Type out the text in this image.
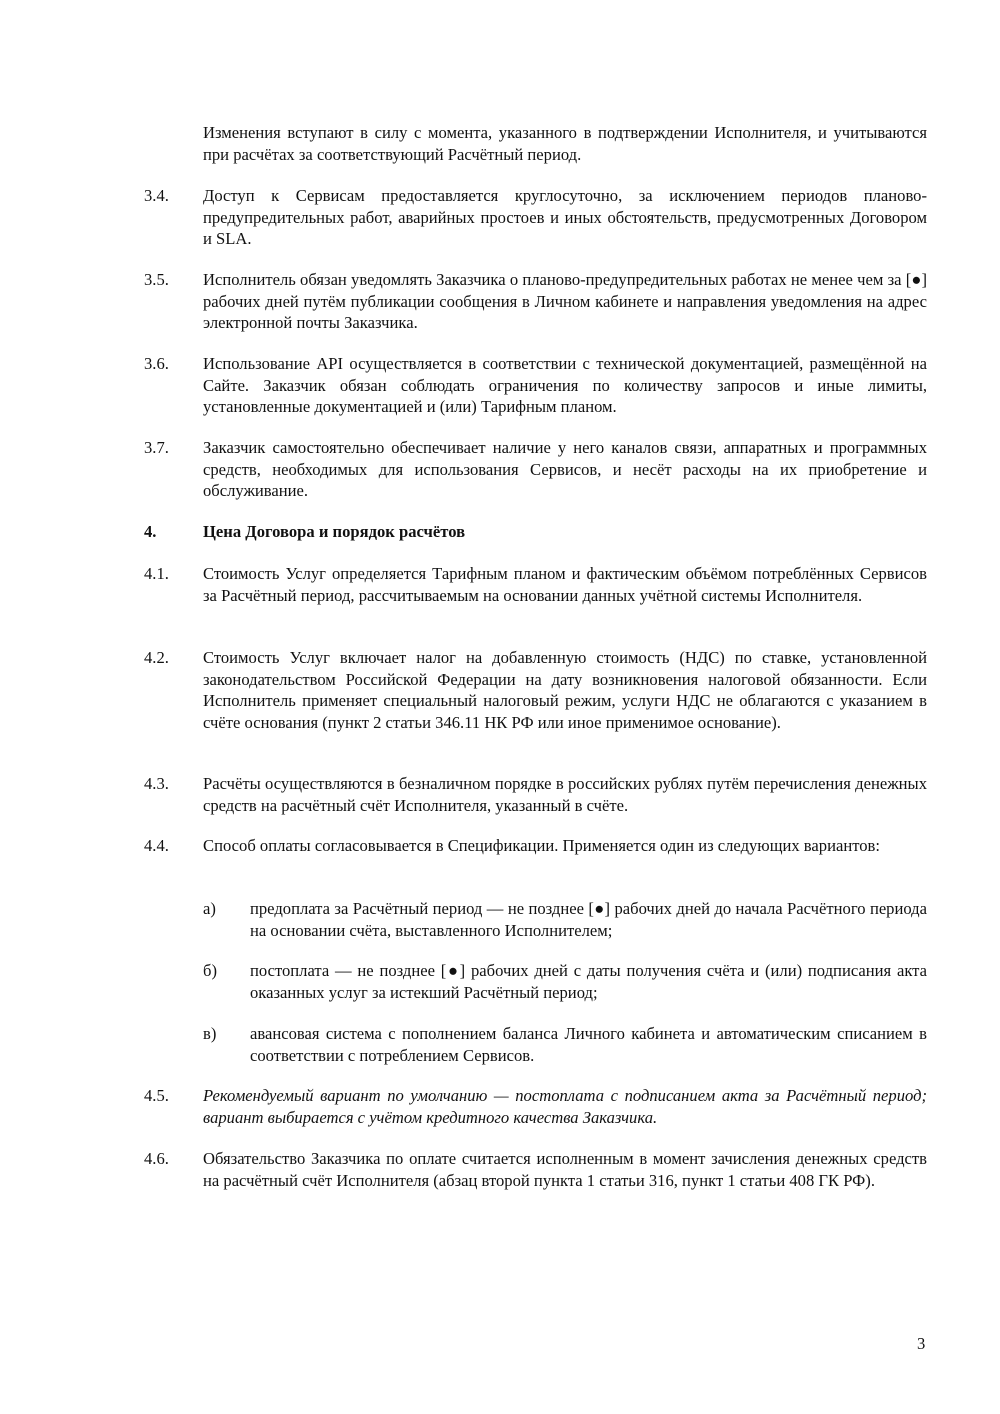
Изменения вступают в силу с момента, указанного в подтверждении Исполнителя, и учитываются при расчётах за соответствующий Расчётный период.

3.4. Доступ к Сервисам предоставляется круглосуточно, за исключением периодов планово-предупредительных работ, аварийных простоев и иных обстоятельств, предусмотренных Договором и SLA.

3.5. Исполнитель обязан уведомлять Заказчика о планово-предупредительных работах не менее чем за [●] рабочих дней путём публикации сообщения в Личном кабинете и направления уведомления на адрес электронной почты Заказчика.

3.6. Использование API осуществляется в соответствии с технической документацией, размещённой на Сайте. Заказчик обязан соблюдать ограничения по количеству запросов и иные лимиты, установленные документацией и (или) Тарифным планом.

3.7. Заказчик самостоятельно обеспечивает наличие у него каналов связи, аппаратных и программных средств, необходимых для использования Сервисов, и несёт расходы на их приобретение и обслуживание.

4.	Цена Договора и порядок расчётов

4.1. Стоимость Услуг определяется Тарифным планом и фактическим объёмом потреблённых Сервисов за Расчётный период, рассчитываемым на основании данных учётной системы Исполнителя.

4.2. Стоимость Услуг включает налог на добавленную стоимость (НДС) по ставке, установленной законодательством Российской Федерации на дату возникновения налоговой обязанности. Если Исполнитель применяет специальный налоговый режим, услуги НДС не облагаются с указанием в счёте основания (пункт 2 статьи 346.11 НК РФ или иное применимое основание).

4.3. Расчёты осуществляются в безналичном порядке в российских рублях путём перечисления денежных средств на расчётный счёт Исполнителя, указанный в счёте.

4.4. Способ оплаты согласовывается в Спецификации. Применяется один из следующих вариантов:

а) предоплата за Расчётный период — не позднее [●] рабочих дней до начала Расчётного периода на основании счёта, выставленного Исполнителем;

б) постоплата — не позднее [●] рабочих дней с даты получения счёта и (или) подписания акта оказанных услуг за истекший Расчётный период;

в) авансовая система с пополнением баланса Личного кабинета и автоматическим списанием в соответствии с потреблением Сервисов.

4.5. Рекомендуемый вариант по умолчанию — постоплата с подписанием акта за Расчётный период; вариант выбирается с учётом кредитного качества Заказчика.

4.6. Обязательство Заказчика по оплате считается исполненным в момент зачисления денежных средств на расчётный счёт Исполнителя (абзац второй пункта 1 статьи 316, пункт 1 статьи 408 ГК РФ).

3
